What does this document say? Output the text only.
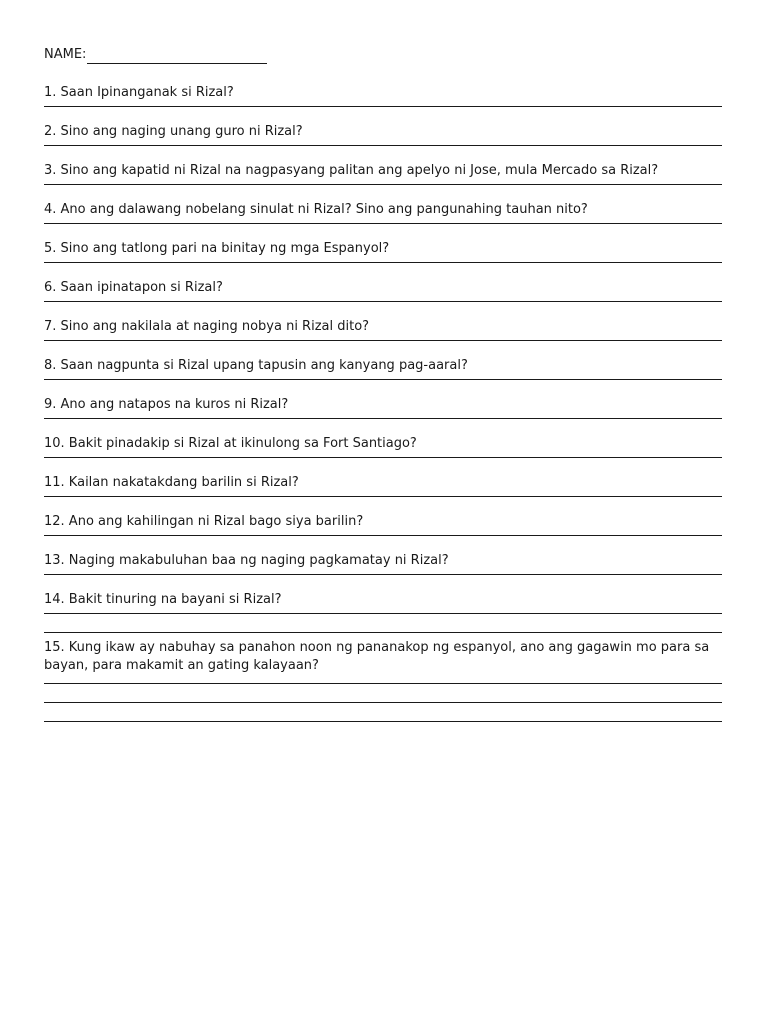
NAME:
1. Saan Ipinanganak si Rizal?
2. Sino ang naging unang guro ni Rizal?
3. Sino ang kapatid ni Rizal na nagpasyang palitan ang apelyo ni Jose, mula Mercado sa Rizal?
4. Ano ang dalawang nobelang sinulat ni Rizal? Sino ang pangunahing tauhan nito?
5. Sino ang tatlong pari na binitay ng mga Espanyol?
6. Saan ipinatapon si Rizal?
7. Sino ang nakilala at naging nobya ni Rizal dito?
8. Saan nagpunta si Rizal upang tapusin ang kanyang pag-aaral?
9. Ano ang natapos na kuros ni Rizal?
10. Bakit pinadakip si Rizal at ikinulong sa Fort Santiago?
11. Kailan nakatakdang barilin si Rizal?
12. Ano ang kahilingan ni Rizal bago siya barilin?
13. Naging makabuluhan baa ng naging pagkamatay ni Rizal?
14. Bakit tinuring na bayani si Rizal?
15. Kung ikaw ay nabuhay sa panahon noon ng pananakop ng espanyol, ano ang gagawin mo para sa bayan, para makamit an gating kalayaan?
